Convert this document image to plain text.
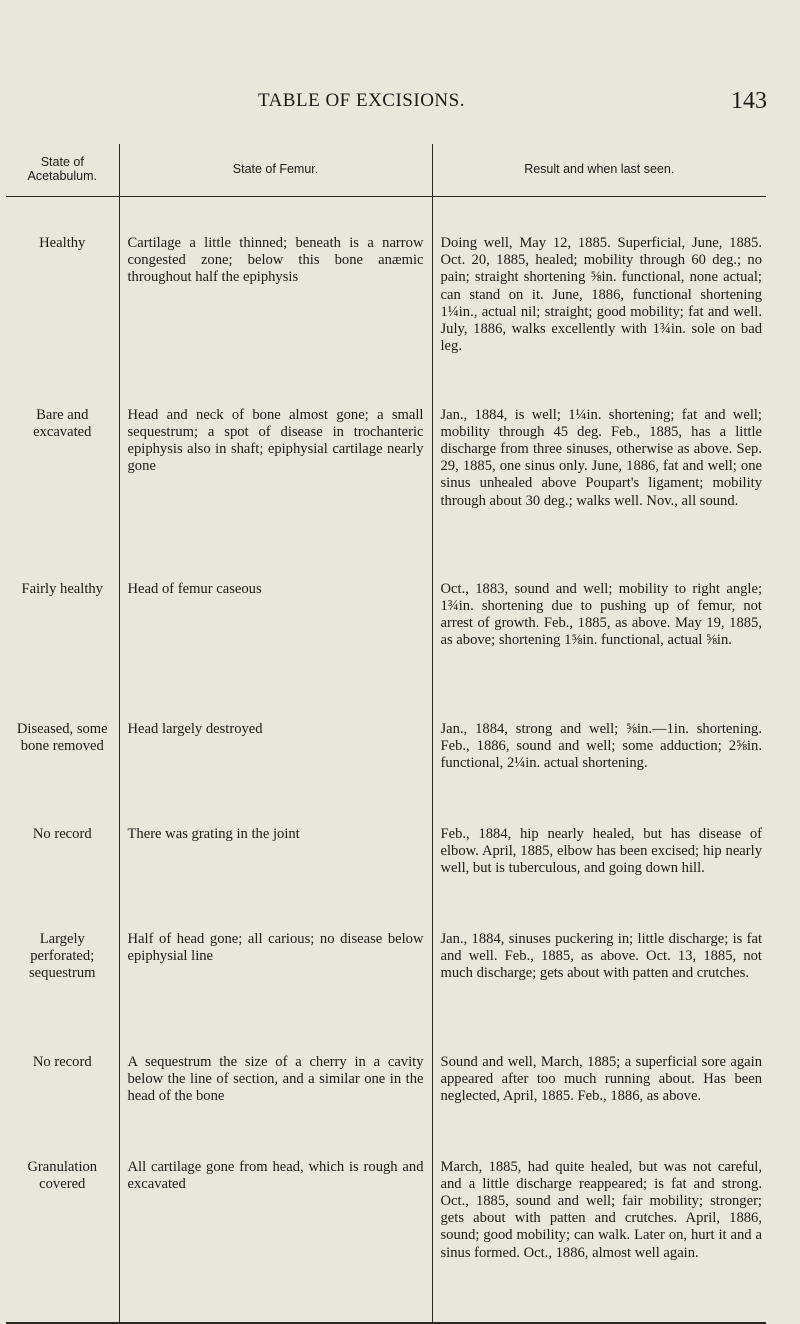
TABLE OF EXCISIONS.	143
State of Acetabulum.	State of Femur.	Result and when last seen.
Healthy	Cartilage a little thinned; beneath is a narrow congested zone; below this bone anæmic throughout half the epiphysis	Doing well, May 12, 1885. Superficial, June, 1885. Oct. 20, 1885, healed; mobility through 60 deg.; no pain; straight shortening ⅝in. functional, none actual; can stand on it. June, 1886, functional shortening 1¼in., actual nil; straight; good mobility; fat and well. July, 1886, walks excellently with 1¾in. sole on bad leg.
Bare and excavated	Head and neck of bone almost gone; a small sequestrum; a spot of disease in trochanteric epiphysis also in shaft; epiphysial cartilage nearly gone	Jan., 1884, is well; 1¼in. shortening; fat and well; mobility through 45 deg. Feb., 1885, has a little discharge from three sinuses, otherwise as above. Sep. 29, 1885, one sinus only. June, 1886, fat and well; one sinus unhealed above Poupart's ligament; mobility through about 30 deg.; walks well. Nov., all sound.
Fairly healthy	Head of femur caseous	Oct., 1883, sound and well; mobility to right angle; 1¾in. shortening due to pushing up of femur, not arrest of growth. Feb., 1885, as above. May 19, 1885, as above; shortening 1⅝in. functional, actual ⅝in.
Diseased, some bone removed	Head largely destroyed	Jan., 1884, strong and well; ⅝in.—1in. shortening. Feb., 1886, sound and well; some adduction; 2⅝in. functional, 2¼in. actual shortening.
No record	There was grating in the joint	Feb., 1884, hip nearly healed, but has disease of elbow. April, 1885, elbow has been excised; hip nearly well, but is tuberculous, and going down hill.
Largely perforated; sequestrum	Half of head gone; all carious; no disease below epiphysial line	Jan., 1884, sinuses puckering in; little discharge; is fat and well. Feb., 1885, as above. Oct. 13, 1885, not much discharge; gets about with patten and crutches.
No record	A sequestrum the size of a cherry in a cavity below the line of section, and a similar one in the head of the bone	Sound and well, March, 1885; a superficial sore again appeared after too much running about. Has been neglected, April, 1885. Feb., 1886, as above.
Granulation covered	All cartilage gone from head, which is rough and excavated	March, 1885, had quite healed, but was not careful, and a little discharge reappeared; is fat and strong. Oct., 1885, sound and well; fair mobility; stronger; gets about with patten and crutches. April, 1886, sound; good mobility; can walk. Later on, hurt it and a sinus formed. Oct., 1886, almost well again.
